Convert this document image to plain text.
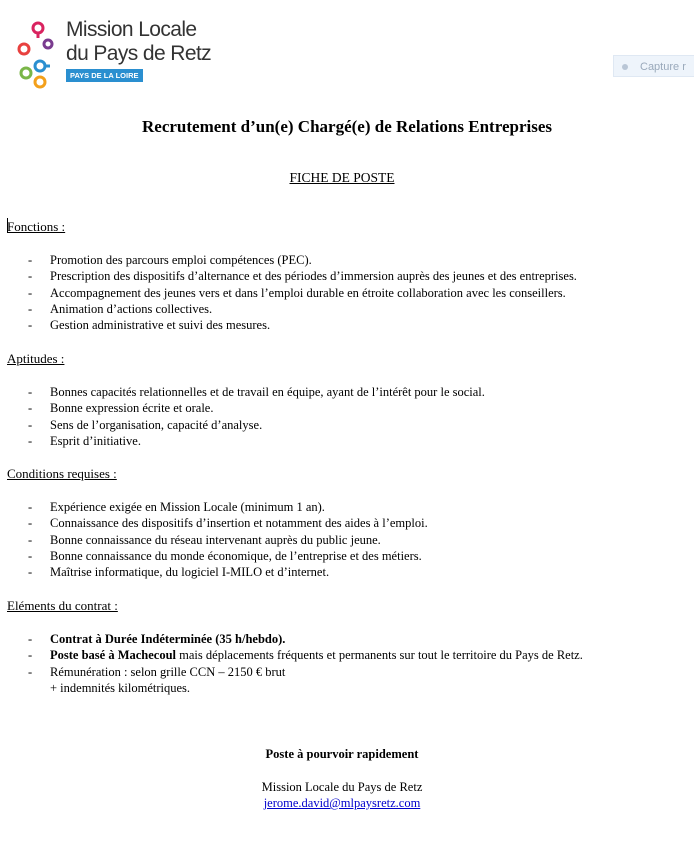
Mission Locale
du Pays de Retz
PAYS DE LA LOIRE
Capture r
Recrutement d’un(e) Chargé(e) de Relations Entreprises
FICHE DE POSTE
Fonctions :
- Promotion des parcours emploi compétences (PEC).
- Prescription des dispositifs d’alternance et des périodes d’immersion auprès des jeunes et des entreprises.
- Accompagnement des jeunes vers et dans l’emploi durable en étroite collaboration avec les conseillers.
- Animation d’actions collectives.
- Gestion administrative et suivi des mesures.
Aptitudes :
- Bonnes capacités relationnelles et de travail en équipe, ayant de l’intérêt pour le social.
- Bonne expression écrite et orale.
- Sens de l’organisation, capacité d’analyse.
- Esprit d’initiative.
Conditions requises :
- Expérience exigée en Mission Locale (minimum 1 an).
- Connaissance des dispositifs d’insertion et notamment des aides à l’emploi.
- Bonne connaissance du réseau intervenant auprès du public jeune.
- Bonne connaissance du monde économique, de l’entreprise et des métiers.
- Maîtrise informatique, du logiciel I-MILO et d’internet.
Eléments du contrat :
- Contrat à Durée Indéterminée (35 h/hebdo).
- Poste basé à Machecoul mais déplacements fréquents et permanents sur tout le territoire du Pays de Retz.
- Rémunération : selon grille CCN – 2150 € brut
+ indemnités kilométriques.
Poste à pourvoir rapidement
Mission Locale du Pays de Retz
jerome.david@mlpaysretz.com
